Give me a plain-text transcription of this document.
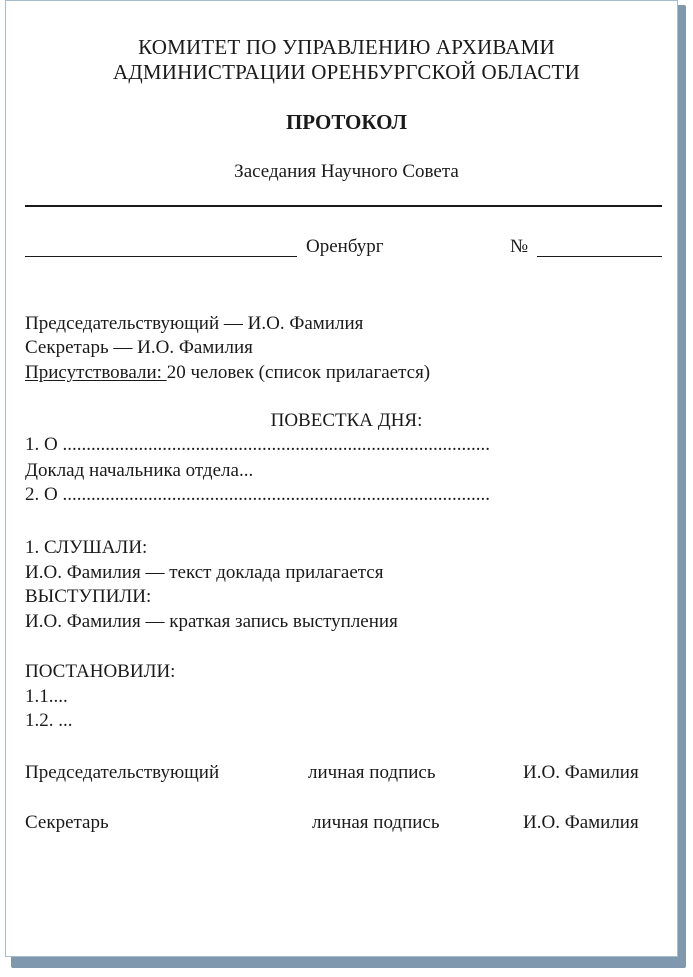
КОМИТЕТ ПО УПРАВЛЕНИЮ АРХИВАМИ
АДМИНИСТРАЦИИ ОРЕНБУРГСКОЙ ОБЛАСТИ
ПРОТОКОЛ
Заседания Научного Совета
Оренбург	№
Председательствующий — И.О. Фамилия
Секретарь — И.О. Фамилия
Присутствовали: 20 человек (список прилагается)
ПОВЕСТКА ДНЯ:
1. О ..........................................................................................
Доклад начальника отдела...
2. О ..........................................................................................
1. СЛУШАЛИ:
И.О. Фамилия — текст доклада прилагается
ВЫСТУПИЛИ:
И.О. Фамилия — краткая запись выступления
ПОСТАНОВИЛИ:
1.1....
1.2. ...
Председательствующий	личная подпись	И.О. Фамилия
Секретарь	личная подпись	И.О. Фамилия
